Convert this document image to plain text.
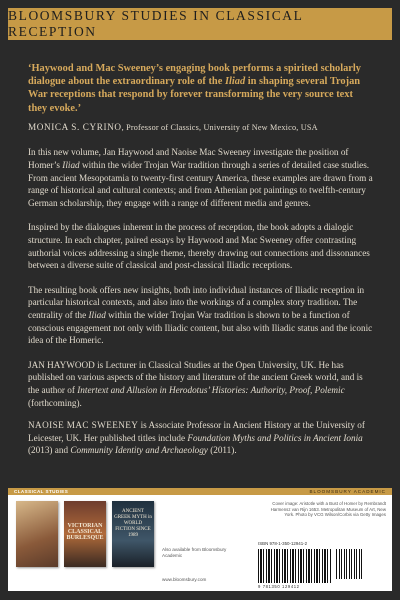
BLOOMSBURY STUDIES IN CLASSICAL RECEPTION

‘Haywood and Mac Sweeney’s engaging book performs a spirited scholarly dialogue about the extraordinary role of the Iliad in shaping several Trojan War receptions that respond by forever transforming the very source text they evoke.’

MONICA S. CYRINO, Professor of Classics, University of New Mexico, USA

In this new volume, Jan Haywood and Naoise Mac Sweeney investigate the position of Homer’s Iliad within the wider Trojan War tradition through a series of detailed case studies. From ancient Mesopotamia to twenty-first century America, these examples are drawn from a range of historical and cultural contexts; and from Athenian pot paintings to twelfth-century German scholarship, they engage with a range of different media and genres.

Inspired by the dialogues inherent in the process of reception, the book adopts a dialogic structure. In each chapter, paired essays by Haywood and Mac Sweeney offer contrasting authorial voices addressing a single theme, thereby drawing out connections and dissonances between a diverse suite of classical and post-classical Iliadic receptions.

The resulting book offers new insights, both into individual instances of Iliadic reception in particular historical contexts, and also into the workings of a complex story tradition. The centrality of the Iliad within the wider Trojan War tradition is shown to be a function of conscious engagement not only with Iliadic content, but also with Iliadic status and the iconic idea of the Homeric.

JAN HAYWOOD is Lecturer in Classical Studies at the Open University, UK. He has published on various aspects of the history and literature of the ancient Greek world, and is the author of Intertext and Allusion in Herodotus’ Histories: Authority, Proof, Polemic (forthcoming).

NAOISE MAC SWEENEY is Associate Professor in Ancient History at the University of Leicester, UK. Her published titles include Foundation Myths and Politics in Ancient Ionia (2013) and Community Identity and Archaeology (2011).

CLASSICAL STUDIES	BLOOMSBURY ACADEMIC
VICTORIAN CLASSICAL BURLESQUE
ANCIENT GREEK MYTH in WORLD FICTION SINCE 1989
Also available from Bloomsbury Academic
www.bloomsbury.com
Cover image: Aristotle with a Bust of Homer by Rembrandt Harmensz van Rijn 1653. Metropolitan Museum of Art, New York. Photo by VCG Wilson/Corbis via Getty Images
ISBN 978-1-350-12941-2
9 781350 129412
